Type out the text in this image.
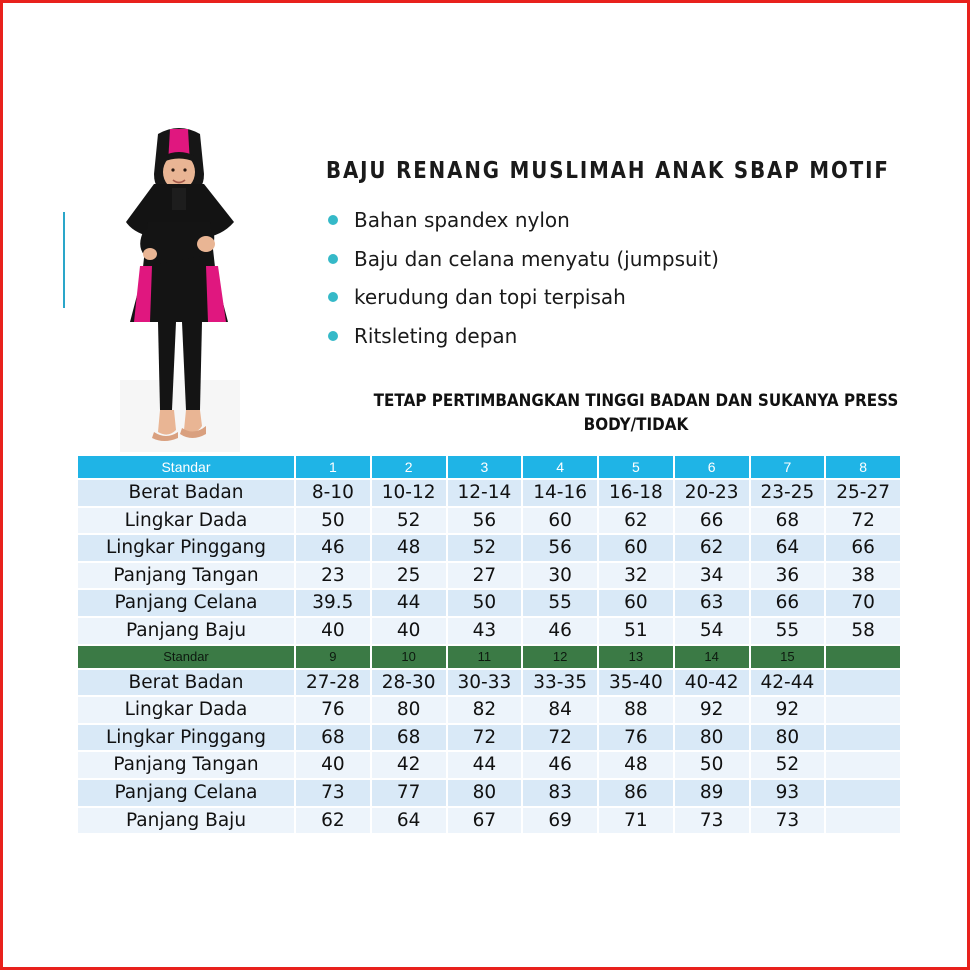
BAJU RENANG MUSLIMAH ANAK SBAP MOTIF
Bahan spandex nylon
Baju dan celana menyatu (jumpsuit)
kerudung dan topi terpisah
Ritsleting depan
TETAP PERTIMBANGKAN TINGGI BADAN DAN SUKANYA PRESS BODY/TIDAK
Standar	1	2	3	4	5	6	7	8
Berat Badan	8-10	10-12	12-14	14-16	16-18	20-23	23-25	25-27
Lingkar Dada	50	52	56	60	62	66	68	72
Lingkar Pinggang	46	48	52	56	60	62	64	66
Panjang Tangan	23	25	27	30	32	34	36	38
Panjang Celana	39.5	44	50	55	60	63	66	70
Panjang Baju	40	40	43	46	51	54	55	58
Standar	9	10	11	12	13	14	15	
Berat Badan	27-28	28-30	30-33	33-35	35-40	40-42	42-44	
Lingkar Dada	76	80	82	84	88	92	92	
Lingkar Pinggang	68	68	72	72	76	80	80	
Panjang Tangan	40	42	44	46	48	50	52	
Panjang Celana	73	77	80	83	86	89	93	
Panjang Baju	62	64	67	69	71	73	73	
